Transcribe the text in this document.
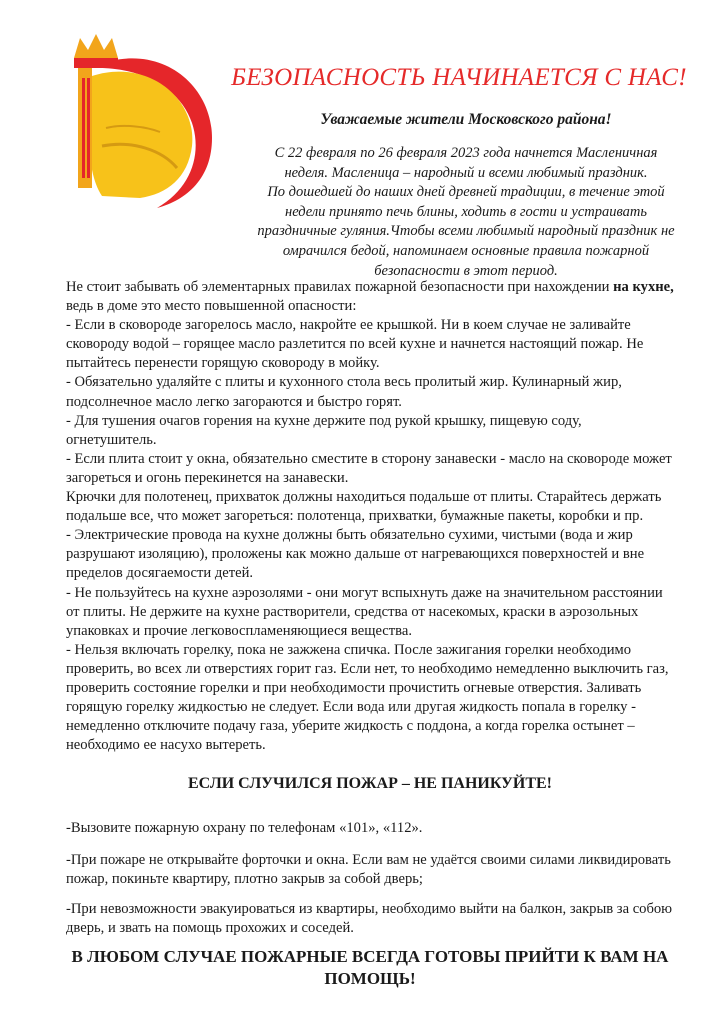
БЕЗОПАСНОСТЬ НАЧИНАЕТСЯ С НАС!

Уважаемые жители Московского района!

С 22 февраля по 26 февраля 2023 года начнется Масленичная
неделя. Масленица – народный и всеми любимый праздник.
По дошедшей до наших дней древней традиции, в течение этой
недели принято печь блины, ходить в гости и устраивать
праздничные гуляния.Чтобы всеми любимый народный праздник не
омрачился бедой, напоминаем основные правила пожарной
безопасности в этот период.

Не стоит забывать об элементарных правилах пожарной безопасности при нахождении на кухне,
ведь в доме это место повышенной опасности:
- Если в сковороде загорелось масло, накройте ее крышкой. Ни в коем случае не заливайте
сковороду водой – горящее масло разлетится по всей кухне и начнется настоящий пожар. Не
пытайтесь перенести горящую сковороду в мойку.
- Обязательно удаляйте с плиты и кухонного стола весь пролитый жир. Кулинарный жир,
подсолнечное масло легко загораются и быстро горят.
- Для тушения очагов горения на кухне держите под рукой крышку, пищевую соду,
огнетушитель.
- Если плита стоит у окна, обязательно сместите в сторону занавески - масло на сковороде может
загореться и огонь перекинется на занавески.
Крючки для полотенец, прихваток должны находиться подальше от плиты. Старайтесь держать
подальше все, что может загореться: полотенца, прихватки, бумажные пакеты, коробки и пр.
- Электрические провода на кухне должны быть обязательно сухими, чистыми (вода и жир
разрушают изоляцию), проложены как можно дальше от нагревающихся поверхностей и вне
пределов досягаемости детей.
- Не пользуйтесь на кухне аэрозолями - они могут вспыхнуть даже на значительном расстоянии
от плиты. Не держите на кухне растворители, средства от насекомых, краски в аэрозольных
упаковках и прочие легковоспламеняющиеся вещества.
- Нельзя включать горелку, пока не зажжена спичка. После зажигания горелки необходимо
проверить, во всех ли отверстиях горит газ. Если нет, то необходимо немедленно выключить газ,
проверить состояние горелки и при необходимости прочистить огневые отверстия. Заливать
горящую горелку жидкостью не следует. Если вода или другая жидкость попала в горелку -
немедленно отключите подачу газа, уберите жидкость с поддона, а когда горелка остынет –
необходимо ее насухо вытереть.
ЕСЛИ СЛУЧИЛСЯ ПОЖАР – НЕ ПАНИКУЙТЕ!

-Вызовите пожарную охрану по телефонам «101», «112».

-При пожаре не открывайте форточки и окна. Если вам не удаётся своими силами ликвидировать
пожар, покиньте квартиру, плотно закрыв за собой дверь;

-При невозможности эвакуироваться из квартиры, необходимо выйти на балкон, закрыв за собою
дверь, и звать на помощь прохожих и соседей.

В ЛЮБОМ СЛУЧАЕ ПОЖАРНЫЕ ВСЕГДА ГОТОВЫ ПРИЙТИ К ВАМ НА
ПОМОЩЬ!
